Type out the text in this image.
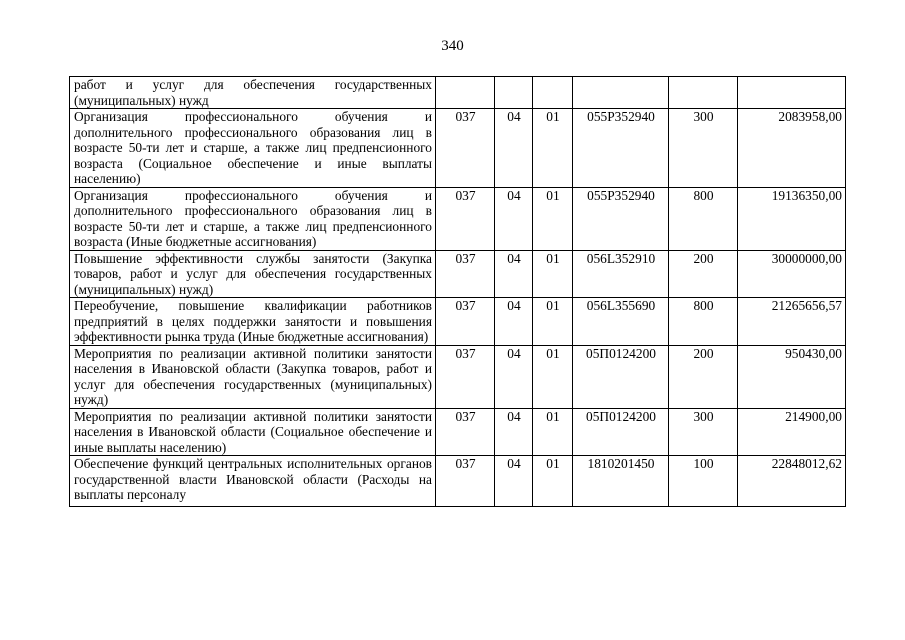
340
работ и услуг для обеспечения государственных (муниципальных) нужд						
Организация профессионального обучения и дополнительного профессионального образования лиц в возрасте 50-ти лет и старше, а также лиц предпенсионного возраста (Социальное обеспечение и иные выплаты населению)	037	04	01	055P352940	300	2083958,00
Организация профессионального обучения и дополнительного профессионального образования лиц в возрасте 50-ти лет и старше, а также лиц предпенсионного возраста (Иные бюджетные ассигнования)	037	04	01	055P352940	800	19136350,00
Повышение эффективности службы занятости (Закупка товаров, работ и услуг для обеспечения государственных (муниципальных) нужд)	037	04	01	056L352910	200	30000000,00
Переобучение, повышение квалификации работников предприятий в целях поддержки занятости и повышения эффективности рынка труда (Иные бюджетные ассигнования)	037	04	01	056L355690	800	21265656,57
Мероприятия по реализации активной политики занятости населения в Ивановской области (Закупка товаров, работ и услуг для обеспечения государственных (муниципальных) нужд)	037	04	01	05П0124200	200	950430,00
Мероприятия по реализации активной политики занятости населения в Ивановской области (Социальное обеспечение и иные выплаты населению)	037	04	01	05П0124200	300	214900,00
Обеспечение функций центральных исполнительных органов государственной власти Ивановской области (Расходы на выплаты персоналу	037	04	01	1810201450	100	22848012,62
